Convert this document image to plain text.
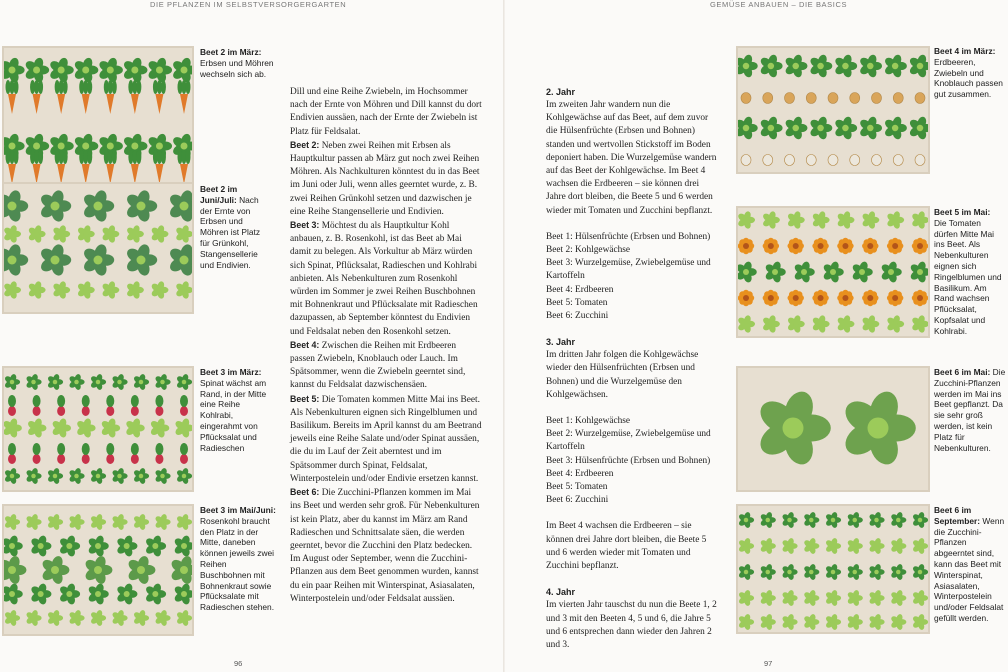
DIE PFLANZEN IM SELBSTVERSORGERGARTEN	GEMÜSE ANBAUEN – DIE BASICS
Beet 2 im März: Erbsen und Möhren wechseln sich ab.
Beet 2 im Juni/Juli: Nach der Ernte von Erbsen und Möhren ist Platz für Grünkohl, Stangensellerie und Endivien.
Beet 3 im März: Spinat wächst am Rand, in der Mitte eine Reihe Kohlrabi, eingerahmt von Pflücksalat und Radieschen
Beet 3 im Mai/Juni: Rosenkohl braucht den Platz in der Mitte, daneben können jeweils zwei Reihen Buschbohnen mit Bohnenkraut sowie Pflücksalate mit Radieschen stehen.

Dill und eine Reihe Zwiebeln, im Hochsommer nach der Ernte von Möhren und Dill kannst du dort Endivien aussäen, nach der Ernte der Zwiebeln ist Platz für Feldsalat.

Beet 2: Neben zwei Reihen mit Erbsen als Hauptkultur passen ab März gut noch zwei Reihen Möhren. Als Nachkulturen könntest du in das Beet im Juni oder Juli, wenn alles geerntet wurde, z. B. zwei Reihen Grünkohl setzen und dazwischen je eine Reihe Stangensellerie und Endivien.

Beet 3: Möchtest du als Hauptkultur Kohl anbauen, z. B. Rosenkohl, ist das Beet ab Mai damit zu belegen. Als Vorkultur ab März würden sich Spinat, Pflücksalat, Radieschen und Kohlrabi anbieten. Als Nebenkulturen zum Rosenkohl würden im Sommer je zwei Reihen Buschbohnen mit Bohnenkraut und Pflücksalate mit Radieschen dazupassen, ab September könntest du Endivien und Feldsalat neben den Rosenkohl setzen.

Beet 4: Zwischen die Reihen mit Erdbeeren passen Zwiebeln, Knoblauch oder Lauch. Im Spätsommer, wenn die Zwiebeln geerntet sind, kannst du Feldsalat dazwischensäen.

Beet 5: Die Tomaten kommen Mitte Mai ins Beet. Als Nebenkulturen eignen sich Ringelblumen und Basilikum. Bereits im April kannst du am Beetrand jeweils eine Reihe Salate und/oder Spinat aussäen, die du im Lauf der Zeit aberntest und im Spätsommer durch Spinat, Feldsalat, Winterpostelein und/oder Endivie ersetzen kannst.

Beet 6: Die Zucchini-Pflanzen kommen im Mai ins Beet und werden sehr groß. Für Nebenkulturen ist kein Platz, aber du kannst im März am Rand Radieschen und Schnittsalate säen, die werden geerntet, bevor die Zucchini den Platz bedecken. Im August oder September, wenn die Zucchini-Pflanzen aus dem Beet genommen wurden, kannst du ein paar Reihen mit Winterspinat, Asiasalaten, Winterpostelein und/oder Feldsalat aussäen.

96	97
2. Jahr

Im zweiten Jahr wandern nun die Kohlgewächse auf das Beet, auf dem zuvor die Hülsenfrüchte (Erbsen und Bohnen) standen und wertvollen Stickstoff im Boden deponiert haben. Die Wurzelgemüse wandern auf das Beet der Kohlgewächse. Im Beet 4 wachsen die Erdbeeren – sie können drei Jahre dort bleiben, die Beete 5 und 6 werden wieder mit Tomaten und Zucchini bepflanzt.

Beet 1: Hülsenfrüchte (Erbsen und Bohnen)

Beet 2: Kohlgewächse

Beet 3: Wurzelgemüse, Zwiebelgemüse und Kartoffeln

Beet 4: Erdbeeren

Beet 5: Tomaten

Beet 6: Zucchini

3. Jahr

Im dritten Jahr folgen die Kohlgewächse wieder den Hülsenfrüchten (Erbsen und Bohnen) und die Wurzelgemüse den Kohlgewächsen.

Beet 1: Kohlgewächse

Beet 2: Wurzelgemüse, Zwiebelgemüse und Kartoffeln

Beet 3: Hülsenfrüchte (Erbsen und Bohnen)

Beet 4: Erdbeeren

Beet 5: Tomaten

Beet 6: Zucchini

Im Beet 4 wachsen die Erdbeeren – sie können drei Jahre dort bleiben, die Beete 5 und 6 werden wieder mit Tomaten und Zucchini bepflanzt.

4. Jahr

Im vierten Jahr tauschst du nun die Beete 1, 2 und 3 mit den Beeten 4, 5 und 6, die Jahre 5 und 6 entsprechen dann wieder den Jahren 2 und 3.

Beet 4 im März: Erdbeeren, Zwiebeln und Knoblauch passen gut zusammen.
Beet 5 im Mai: Die Tomaten dürfen Mitte Mai ins Beet. Als Nebenkulturen eignen sich Ringelblumen und Basilikum. Am Rand wachsen Pflücksalat, Kopfsalat und Kohlrabi.
Beet 6 im Mai: Die Zucchini-Pflanzen werden im Mai ins Beet gepflanzt. Da sie sehr groß werden, ist kein Platz für Nebenkulturen.
Beet 6 im September: Wenn die Zucchini-Pflanzen abgeerntet sind, kann das Beet mit Winterspinat, Asiasalaten, Winterpostelein und/oder Feldsalat gefüllt werden.
